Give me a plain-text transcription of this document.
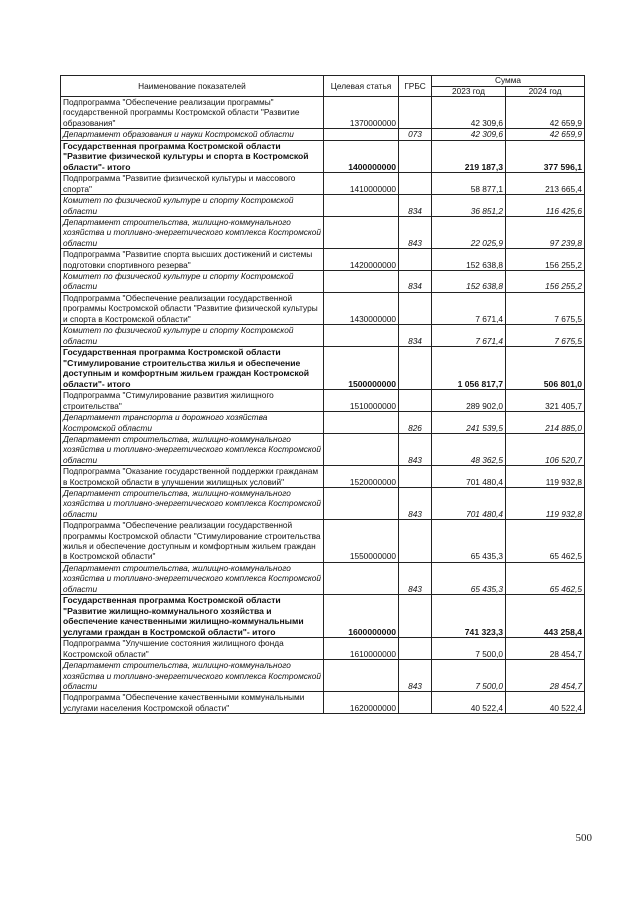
Наименование показателей	Целевая статья	ГРБС	Сумма	
			2023 год	2024 год
Подпрограмма "Обеспечение реализации программы" государственной программы Костромской области "Развитие образования"	1370000000		42 309,6	42 659,9
Департамент образования и науки Костромской области		073	42 309,6	42 659,9
Государственная программа Костромской области "Развитие физической культуры и спорта в Костромской области"- итого	1400000000		219 187,3	377 596,1
Подпрограмма "Развитие физической культуры и массового спорта"	1410000000		58 877,1	213 665,4
Комитет по физической культуре и спорту Костромской области		834	36 851,2	116 425,6
Департамент строительства, жилищно-коммунального хозяйства и топливно-энергетического комплекса Костромской области		843	22 025,9	97 239,8
Подпрограмма "Развитие спорта высших достижений и системы подготовки спортивного резерва"	1420000000		152 638,8	156 255,2
Комитет по физической культуре и спорту Костромской области		834	152 638,8	156 255,2
Подпрограмма "Обеспечение реализации государственной программы Костромской области "Развитие физической культуры и спорта в Костромской области"	1430000000		7 671,4	7 675,5
Комитет по физической культуре и спорту Костромской области		834	7 671,4	7 675,5
Государственная программа Костромской области "Стимулирование строительства жилья и обеспечение доступным и комфортным жильем граждан Костромской области"- итого	1500000000		1 056 817,7	506 801,0
Подпрограмма "Стимулирование развития жилищного строительства"	1510000000		289 902,0	321 405,7
Департамент транспорта и дорожного хозяйства Костромской области		826	241 539,5	214 885,0
Департамент строительства, жилищно-коммунального хозяйства и топливно-энергетического комплекса Костромской области		843	48 362,5	106 520,7
Подпрограмма "Оказание государственной поддержки гражданам в Костромской области в улучшении жилищных условий"	1520000000		701 480,4	119 932,8
Департамент строительства, жилищно-коммунального хозяйства и топливно-энергетического комплекса Костромской области		843	701 480,4	119 932,8
Подпрограмма "Обеспечение реализации государственной программы Костромской области "Стимулирование строительства жилья и обеспечение доступным и комфортным жильем граждан в Костромской области"	1550000000		65 435,3	65 462,5
Департамент строительства, жилищно-коммунального хозяйства и топливно-энергетического комплекса Костромской области		843	65 435,3	65 462,5
Государственная программа Костромской области "Развитие жилищно-коммунального хозяйства и обеспечение качественными жилищно-коммунальными услугами граждан в Костромской области"- итого	1600000000		741 323,3	443 258,4
Подпрограмма "Улучшение состояния жилищного фонда Костромской области"	1610000000		7 500,0	28 454,7
Департамент строительства, жилищно-коммунального хозяйства и топливно-энергетического комплекса Костромской области		843	7 500,0	28 454,7
Подпрограмма "Обеспечение качественными коммунальными услугами населения Костромской области"	1620000000		40 522,4	40 522,4
500
